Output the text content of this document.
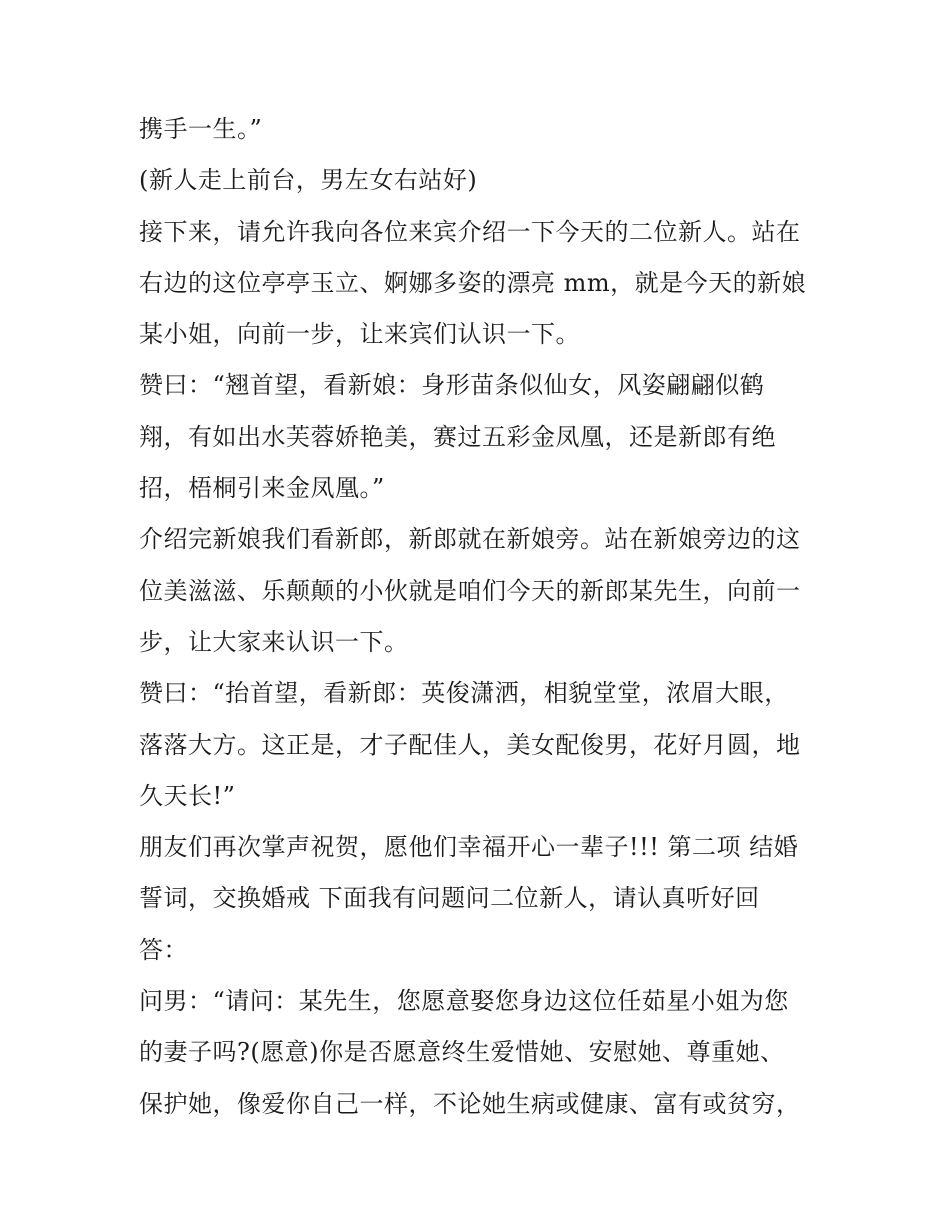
携手一生。”
(新人走上前台，男左女右站好)
接下来，请允许我向各位来宾介绍一下今天的二位新人。站在
右边的这位亭亭玉立、婀娜多姿的漂亮 mm，就是今天的新娘
某小姐，向前一步，让来宾们认识一下。
赞曰：“翘首望，看新娘：身形苗条似仙女，风姿翩翩似鹤
翔，有如出水芙蓉娇艳美，赛过五彩金凤凰，还是新郎有绝
招，梧桐引来金凤凰。”
介绍完新娘我们看新郎，新郎就在新娘旁。站在新娘旁边的这
位美滋滋、乐颠颠的小伙就是咱们今天的新郎某先生，向前一
步，让大家来认识一下。
赞曰：“抬首望，看新郎：英俊潇洒，相貌堂堂，浓眉大眼，
落落大方。这正是，才子配佳人，美女配俊男，花好月圆，地
久天长!”
朋友们再次掌声祝贺，愿他们幸福开心一辈子!!! 第二项 结婚
誓词，交换婚戒 下面我有问题问二位新人，请认真听好回
答：
问男：“请问：某先生，您愿意娶您身边这位任茹星小姐为您
的妻子吗?(愿意)你是否愿意终生爱惜她、安慰她、尊重她、
保护她，像爱你自己一样，不论她生病或健康、富有或贫穷，
